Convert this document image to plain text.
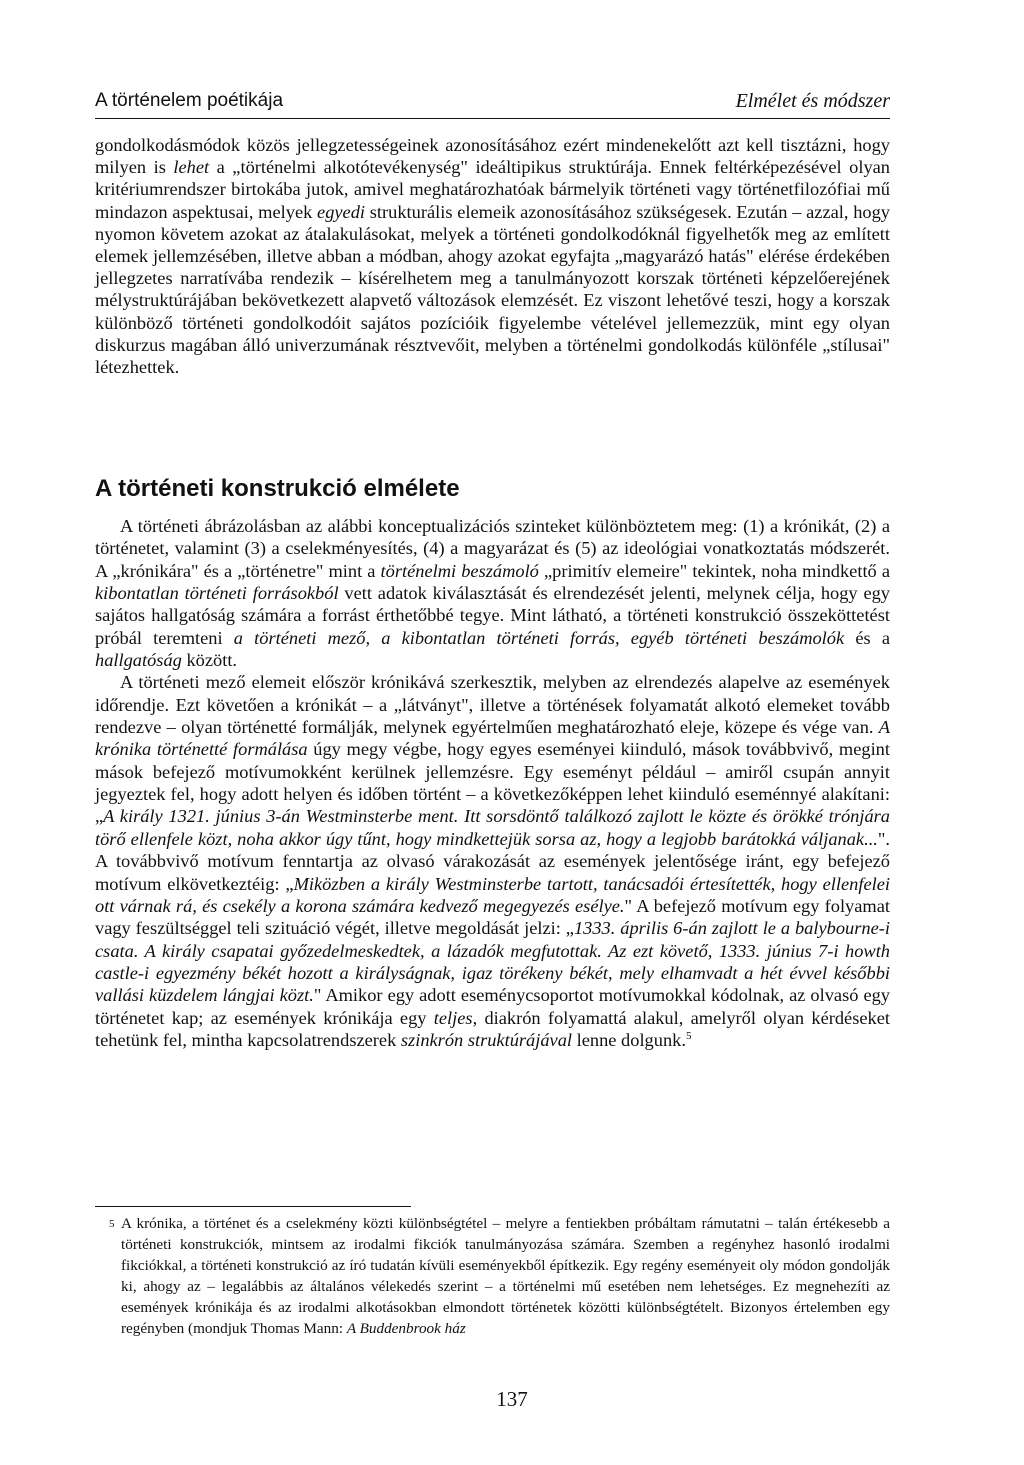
A történelem poétikája	Elmélet és módszer

gondolkodásmódok közös jellegzetességeinek azonosításához ezért mindenekelőtt azt kell tisztázni, hogy milyen is lehet a „történelmi alkotótevékenység" ideáltipikus struktúrája. Ennek feltérképezésével olyan kritériumrendszer birtokába jutok, amivel meghatározhatóak bármelyik történeti vagy történetfilozófiai mű mindazon aspektusai, melyek egyedi strukturális elemeik azonosításához szükségesek. Ezután – azzal, hogy nyomon követem azokat az átalakulásokat, melyek a történeti gondolkodóknál figyelhetők meg az említett elemek jellemzésében, illetve abban a módban, ahogy azokat egyfajta „magyarázó hatás" elérése érdekében jellegzetes narratívába rendezik – kísérelhetem meg a tanulmányozott korszak történeti képzelőerejének mélystruktúrájában bekövetkezett alapvető változások elemzését. Ez viszont lehetővé teszi, hogy a korszak különböző történeti gondolkodóit sajátos pozícióik figyelembe vételével jellemezzük, mint egy olyan diskurzus magában álló univerzumának résztvevőit, melyben a történelmi gondolkodás különféle „stílusai" létezhettek.

A történeti konstrukció elmélete

A történeti ábrázolásban az alábbi konceptualizációs szinteket különböztetem meg: (1) a krónikát, (2) a történetet, valamint (3) a cselekményesítés, (4) a magyarázat és (5) az ideológiai vonatkoztatás módszerét. A „krónikára" és a „történetre" mint a történelmi beszámoló „primitív elemeire" tekintek, noha mindkettő a kibontatlan történeti forrásokból vett adatok kiválasztását és elrendezését jelenti, melynek célja, hogy egy sajátos hallgatóság számára a forrást érthetőbbé tegye. Mint látható, a történeti konstrukció összeköttetést próbál teremteni a történeti mező, a kibontatlan történeti forrás, egyéb történeti beszámolók és a hallgatóság között.

A történeti mező elemeit először krónikává szerkesztik, melyben az elrendezés alapelve az események időrendje. Ezt követően a krónikát – a „látványt", illetve a történések folyamatát alkotó elemeket tovább rendezve – olyan történetté formálják, melynek egyértelműen meghatározható eleje, közepe és vége van. A krónika történetté formálása úgy megy végbe, hogy egyes eseményei kiinduló, mások továbbvivő, megint mások befejező motívumokként kerülnek jellemzésre. Egy eseményt például – amiről csupán annyit jegyeztek fel, hogy adott helyen és időben történt – a következőképpen lehet kiinduló eseménnyé alakítani: „A király 1321. június 3-án Westminsterbe ment. Itt sorsdöntő találkozó zajlott le közte és örökké trónjára törő ellenfele közt, noha akkor úgy tűnt, hogy mindkettejük sorsa az, hogy a legjobb barátokká váljanak...". A továbbvivő motívum fenntartja az olvasó várakozását az események jelentősége iránt, egy befejező motívum elkövetkeztéig: „Miközben a király Westminsterbe tartott, tanácsadói értesítették, hogy ellenfelei ott várnak rá, és csekély a korona számára kedvező megegyezés esélye." A befejező motívum egy folyamat vagy feszültséggel teli szituáció végét, illetve megoldását jelzi: „1333. április 6-án zajlott le a balybourne-i csata. A király csapatai győzedelmeskedtek, a lázadók megfutottak. Az ezt követő, 1333. június 7-i howth castle-i egyezmény békét hozott a királyságnak, igaz törékeny békét, mely elhamvadt a hét évvel későbbi vallási küzdelem lángjai közt." Amikor egy adott eseménycsoportot motívumokkal kódolnak, az olvasó egy történetet kap; az események krónikája egy teljes, diakrón folyamattá alakul, amelyről olyan kérdéseket tehetünk fel, mintha kapcsolatrendszerek szinkrón struktúrájával lenne dolgunk.$^5$

5 A krónika, a történet és a cselekmény közti különbségtétel – melyre a fentiekben próbáltam rámutatni – talán értékesebb a történeti konstrukciók, mintsem az irodalmi fikciók tanulmányozása számára. Szemben a regényhez hasonló irodalmi fikciókkal, a történeti konstrukció az író tudatán kívüli eseményekből építkezik. Egy regény eseményeit oly módon gondolják ki, ahogy az – legalábbis az általános vélekedés szerint – a történelmi mű esetében nem lehetséges. Ez megnehezíti az események krónikája és az irodalmi alkotásokban elmondott történetek közötti különbségtételt. Bizonyos értelemben egy regényben (mondjuk Thomas Mann: A Buddenbrook ház
137
